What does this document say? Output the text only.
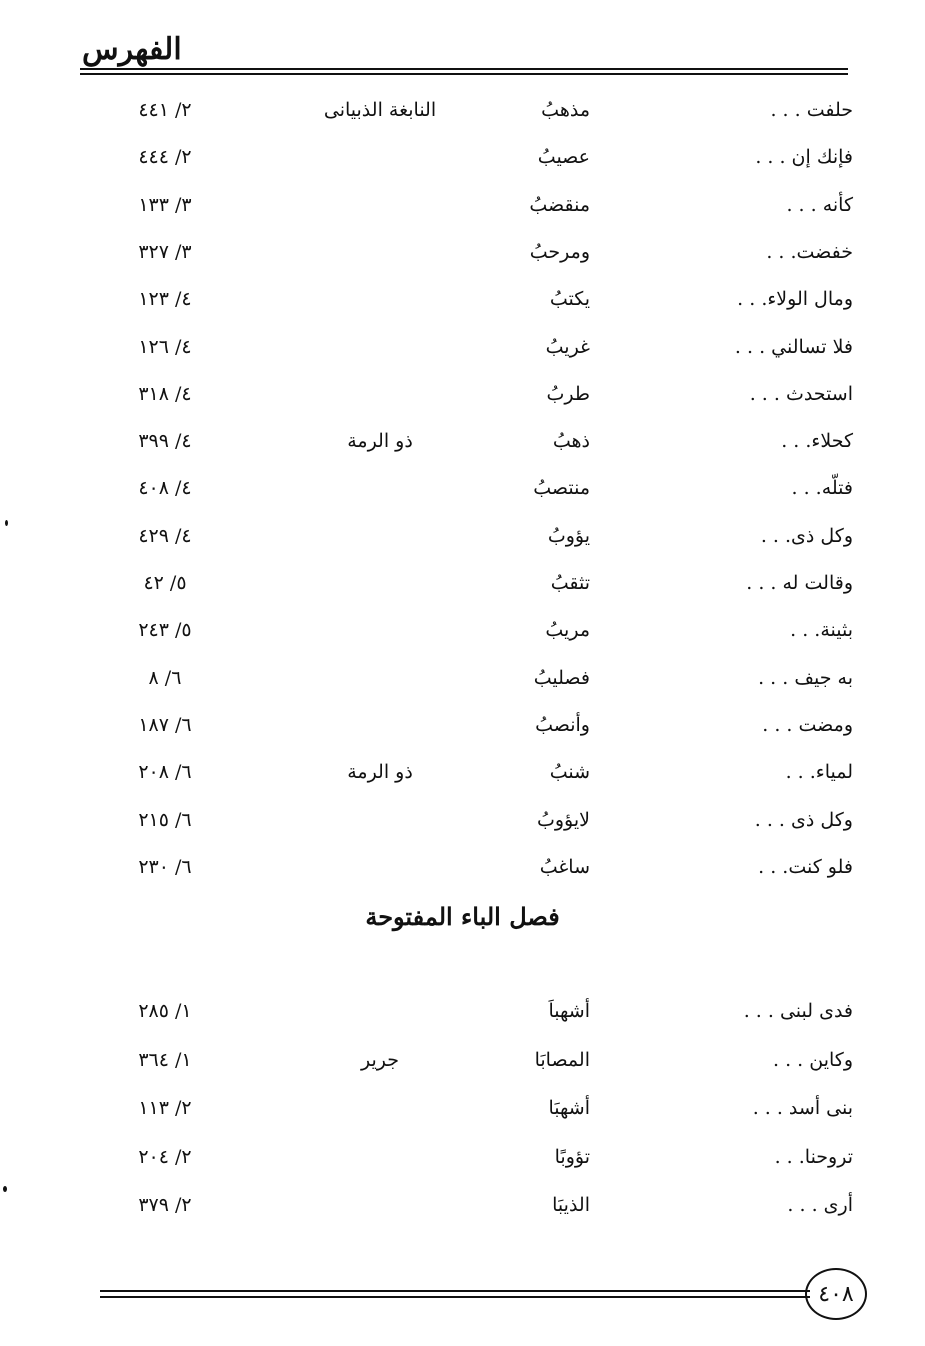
الفهرس
حلفت . . .
مذهبُ
النابغة الذبيانى
٢/ ٤٤١
فإنك إن . . .
عصيبُ
٢/ ٤٤٤
كأنه . . .
منقضبُ
٣/ ١٣٣
خفضت. . .
ومرحبُ
٣/ ٣٢٧
ومال الولاء. . .
يكتبُ
٤/ ١٢٣
فلا تسالني . . .
غريبُ
٤/ ١٢٦
استحدث . . .
طربُ
٤/ ٣١٨
كحلاء. . .
ذهبُ
ذو الرمة
٤/ ٣٩٩
فتلّه. . .
منتصبُ
٤/ ٤٠٨
وكل ذى. . .
يؤوبُ
٤/ ٤٢٩
وقالت له . . .
تثقبُ
٥/ ٤٢
بثينة. . .
مريبُ
٥/ ٢٤٣
به جيف . . .
فصليبُ
٦/ ٨
ومضت . . .
وأنصبُ
٦/ ١٨٧
لمياء. . .
شنبُ
ذو الرمة
٦/ ٢٠٨
وكل ذى . . .
لايؤوبُ
٦/ ٢١٥
فلو كنت. . .
ساغبُ
٦/ ٢٣٠
فدى لبنى . . .
أشهباَ
١/ ٢٨٥
وكاين . . .
المصابَا
جرير
١/ ٣٦٤
بنى أسد . . .
أشهبَا
٢/ ١١٣
تروحنا. . .
تؤوبًا
٢/ ٢٠٤
أرى . . .
الذيبَا
٢/ ٣٧٩
فصل الباء المفتوحة
٤٠٨
